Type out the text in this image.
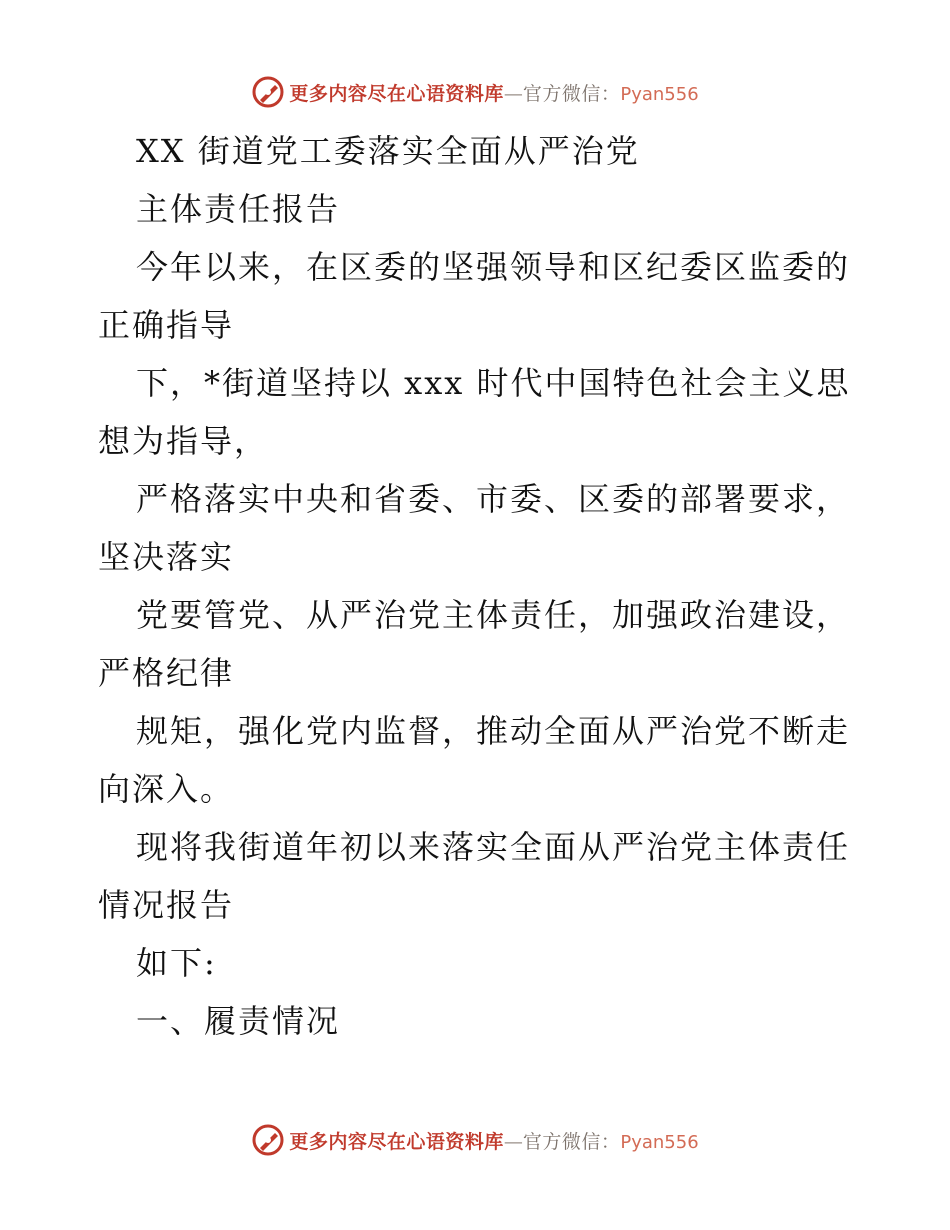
更多内容尽在心语资料库—官方微信：Pyan556
XX 街道党工委落实全面从严治党
主体责任报告
今年以来，在区委的坚强领导和区纪委区监委的
正确指导
下，*街道坚持以 xxx 时代中国特色社会主义思
想为指导，
严格落实中央和省委、市委、区委的部署要求，
坚决落实
党要管党、从严治党主体责任，加强政治建设，
严格纪律
规矩，强化党内监督，推动全面从严治党不断走
向深入。
现将我街道年初以来落实全面从严治党主体责任
情况报告
如下:
一、履责情况
更多内容尽在心语资料库—官方微信：Pyan556
